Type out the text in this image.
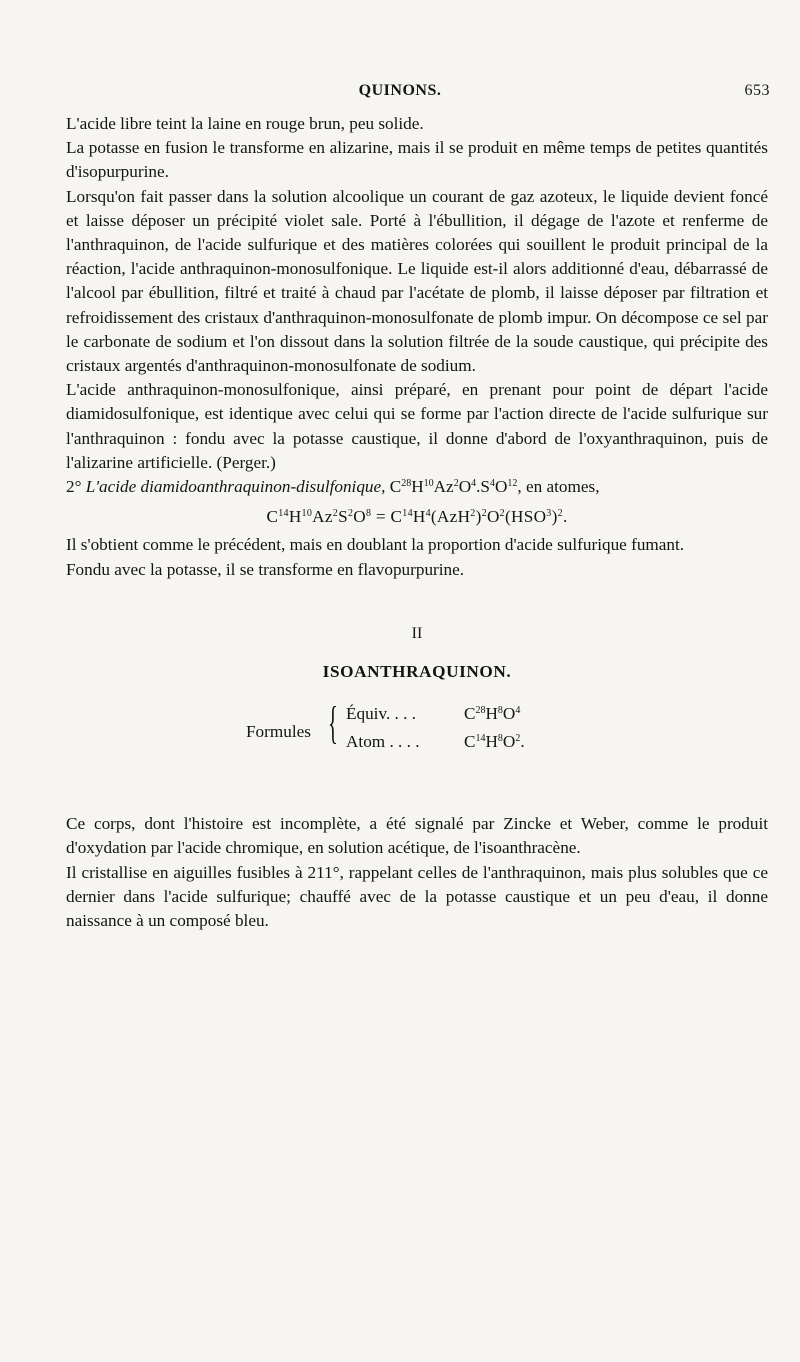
QUINONS.	653

L'acide libre teint la laine en rouge brun, peu solide.

La potasse en fusion le transforme en alizarine, mais il se produit en même temps de petites quantités d'isopurpurine.

Lorsqu'on fait passer dans la solution alcoolique un courant de gaz azoteux, le liquide devient foncé et laisse déposer un précipité violet sale. Porté à l'ébullition, il dégage de l'azote et renferme de l'anthraquinon, de l'acide sulfurique et des matières colorées qui souillent le produit principal de la réaction, l'acide anthraquinon-monosulfonique. Le liquide est-il alors additionné d'eau, débarrassé de l'alcool par ébullition, filtré et traité à chaud par l'acétate de plomb, il laisse déposer par filtration et refroidissement des cristaux d'anthraquinon-monosulfonate de plomb impur. On décompose ce sel par le carbonate de sodium et l'on dissout dans la solution filtrée de la soude caustique, qui précipite des cristaux argentés d'anthraquinon-monosulfonate de sodium.

L'acide anthraquinon-monosulfonique, ainsi préparé, en prenant pour point de départ l'acide diamidosulfonique, est identique avec celui qui se forme par l'action directe de l'acide sulfurique sur l'anthraquinon : fondu avec la potasse caustique, il donne d'abord de l'oxyanthraquinon, puis de l'alizarine artificielle. (Perger.)

2° L'acide diamidoanthraquinon-disulfonique, $C^{28}H^{10}Az^2O^4.S^4O^{12}$, en atomes,

$C^{14}H^{10}Az^2S^2O^8 = C^{14}H^4(AzH^2)^2O^2(HSO^3)^2$.

Il s'obtient comme le précédent, mais en doublant la proportion d'acide sulfurique fumant.

Fondu avec la potasse, il se transforme en flavopurpurine.

II
ISOANTHRAQUINON.
Formules { Équiv. . . .	$C^{28}H^8O^4$
Atom . . . .	$C^{14}H^8O^2$.

Ce corps, dont l'histoire est incomplète, a été signalé par Zincke et Weber, comme le produit d'oxydation par l'acide chromique, en solution acétique, de l'isoanthracène.

Il cristallise en aiguilles fusibles à 211°, rappelant celles de l'anthraquinon, mais plus solubles que ce dernier dans l'acide sulfurique; chauffé avec de la potasse caustique et un peu d'eau, il donne naissance à un composé bleu.
